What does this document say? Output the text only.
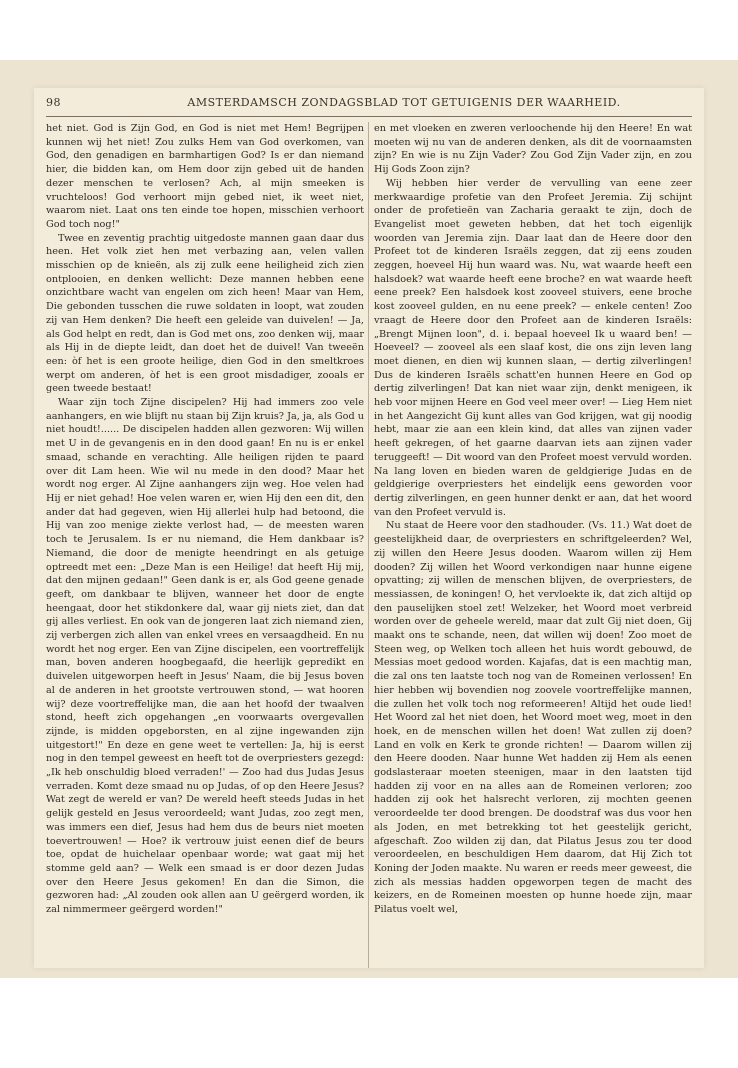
98	AMSTERDAMSCH ZONDAGSBLAD TOT GETUIGENIS DER WAARHEID.

het niet. God is Zijn God, en God is niet met Hem! Begrijpen kunnen wij het niet! Zou zulks Hem van God overkomen, van God, den genadigen en barmhartigen God? Is er dan niemand hier, die bidden kan, om Hem door zijn gebed uit de handen dezer menschen te verlosen? Ach, al mijn smeeken is vruchteloos! God verhoort mijn gebed niet, ik weet niet, waarom niet. Laat ons ten einde toe hopen, misschien verhoort God toch nog!"

Twee en zeventig prachtig uitgedoste mannen gaan daar dus heen. Het volk ziet hen met verbazing aan, velen vallen misschien op de knieën, als zij zulk eene heiligheid zich zien ontplooien, en denken wellicht: Deze mannen hebben eene onzichtbare wacht van engelen om zich heen! Maar van Hem, Die gebonden tusschen die ruwe soldaten in loopt, wat zouden zij van Hem denken? Die heeft een geleide van duivelen! — Ja, als God helpt en redt, dan is God met ons, zoo denken wij, maar als Hij in de diepte leidt, dan doet het de duivel! Van tweeën een: òf het is een groote heilige, dien God in den smeltkroes werpt om anderen, òf het is een groot misdadiger, zooals er geen tweede bestaat!

Waar zijn toch Zijne discipelen? Hij had immers zoo vele aanhangers, en wie blijft nu staan bij Zijn kruis? Ja, ja, als God u niet houdt!...... De discipelen hadden allen gezworen: Wij willen met U in de gevangenis en in den dood gaan! En nu is er enkel smaad, schande en verachting. Alle heiligen rijden te paard over dit Lam heen. Wie wil nu mede in den dood? Maar het wordt nog erger. Al Zijne aanhangers zijn weg. Hoe velen had Hij er niet gehad! Hoe velen waren er, wien Hij den een dit, den ander dat had gegeven, wien Hij allerlei hulp had betoond, die Hij van zoo menige ziekte verlost had, — de meesten waren toch te Jerusalem. Is er nu niemand, die Hem dankbaar is? Niemand, die door de menigte heendringt en als getuige optreedt met een: „Deze Man is een Heilige! dat heeft Hij mij, dat den mijnen gedaan!" Geen dank is er, als God geene genade geeft, om dankbaar te blijven, wanneer het door de engte heengaat, door het stikdonkere dal, waar gij niets ziet, dan dat gij alles verliest. En ook van de jongeren laat zich niemand zien, zij verbergen zich allen van enkel vrees en versaagdheid. En nu wordt het nog erger. Een van Zijne discipelen, een voortreffelijk man, boven anderen hoogbegaafd, die heerlijk gepredikt en duivelen uitgeworpen heeft in Jesus' Naam, die bij Jesus boven al de anderen in het grootste vertrouwen stond, — wat hooren wij? deze voortreffelijke man, die aan het hoofd der twaalven stond, heeft zich opgehangen „en voorwaarts overgevallen zijnde, is midden opgeborsten, en al zijne ingewanden zijn uitgestort!" En deze en gene weet te vertellen: Ja, hij is eerst nog in den tempel geweest en heeft tot de overpriesters gezegd: „Ik heb onschuldig bloed verraden!' — Zoo had dus Judas Jesus verraden. Komt deze smaad nu op Judas, of op den Heere Jesus? Wat zegt de wereld er van? De wereld heeft steeds Judas in het gelijk gesteld en Jesus veroordeeld; want Judas, zoo zegt men, was immers een dief, Jesus had hem dus de beurs niet moeten toevertrouwen! — Hoe? ik vertrouw juist eenen dief de beurs toe, opdat de huichelaar openbaar worde; wat gaat mij het stomme geld aan? — Welk een smaad is er door dezen Judas over den Heere Jesus gekomen! En dan die Simon, die gezworen had: „Al zouden ook allen aan U geërgerd worden, ik zal nimmermeer geërgerd worden!"

en met vloeken en zweren verloochende hij den Heere! En wat moeten wij nu van de anderen denken, als dit de voornaamsten zijn? En wie is nu Zijn Vader? Zou God Zijn Vader zijn, en zou Hij Gods Zoon zijn?

Wij hebben hier verder de vervulling van eene zeer merkwaardige profetie van den Profeet Jeremia. Zij schijnt onder de profetieën van Zacharia geraakt te zijn, doch de Evangelist moet geweten hebben, dat het toch eigenlijk woorden van Jeremia zijn. Daar laat dan de Heere door den Profeet tot de kinderen Israëls zeggen, dat zij eens zouden zeggen, hoeveel Hij hun waard was. Nu, wat waarde heeft een halsdoek? wat waarde heeft eene broche? en wat waarde heeft eene preek? Een halsdoek kost zooveel stuivers, eene broche kost zooveel gulden, en nu eene preek? — enkele centen! Zoo vraagt de Heere door den Profeet aan de kinderen Israëls: „Brengt Mijnen loon", d. i. bepaal hoeveel Ik u waard ben! — Hoeveel? — zooveel als een slaaf kost, die ons zijn leven lang moet dienen, en dien wij kunnen slaan, — dertig zilverlingen! Dus de kinderen Israëls schatt'en hunnen Heere en God op dertig zilverlingen! Dat kan niet waar zijn, denkt menigeen, ik heb voor mijnen Heere en God veel meer over! — Lieg Hem niet in het Aangezicht Gij kunt alles van God krijgen, wat gij noodig hebt, maar zie aan een klein kind, dat alles van zijnen vader heeft gekregen, of het gaarne daarvan iets aan zijnen vader teruggeeft! — Dit woord van den Profeet moest vervuld worden. Na lang loven en bieden waren de geldgierige Judas en de geldgierige overpriesters het eindelijk eens geworden voor dertig zilverlingen, en geen hunner denkt er aan, dat het woord van den Profeet vervuld is.

Nu staat de Heere voor den stadhouder. (Vs. 11.) Wat doet de geestelijkheid daar, de overpriesters en schriftgeleerden? Wel, zij willen den Heere Jesus dooden. Waarom willen zij Hem dooden? Zij willen het Woord verkondigen naar hunne eigene opvatting; zij willen de menschen blijven, de overpriesters, de messiassen, de koningen! O, het vervloekte ik, dat zich altijd op den pauselijken stoel zet! Welzeker, het Woord moet verbreid worden over de geheele wereld, maar dat zult Gij niet doen, Gij maakt ons te schande, neen, dat willen wij doen! Zoo moet de Steen weg, op Welken toch alleen het huis wordt gebouwd, de Messias moet gedood worden. Kajafas, dat is een machtig man, die zal ons ten laatste toch nog van de Romeinen verlossen! En hier hebben wij bovendien nog zoovele voortreffelijke mannen, die zullen het volk toch nog reformeeren! Altijd het oude lied! Het Woord zal het niet doen, het Woord moet weg, moet in den hoek, en de menschen willen het doen! Wat zullen zij doen? Land en volk en Kerk te gronde richten! — Daarom willen zij den Heere dooden. Naar hunne Wet hadden zij Hem als eenen godslasteraar moeten steenigen, maar in den laatsten tijd hadden zij voor en na alles aan de Romeinen verloren; zoo hadden zij ook het halsrecht verloren, zij mochten geenen veroordeelde ter dood brengen. De doodstraf was dus voor hen als Joden, en met betrekking tot het geestelijk gericht, afgeschaft. Zoo wilden zij dan, dat Pilatus Jesus zou ter dood veroordeelen, en beschuldigen Hem daarom, dat Hij Zich tot Koning der Joden maakte. Nu waren er reeds meer geweest, die zich als messias hadden opgeworpen tegen de macht des keizers, en de Romeinen moesten op hunne hoede zijn, maar Pilatus voelt wel,
